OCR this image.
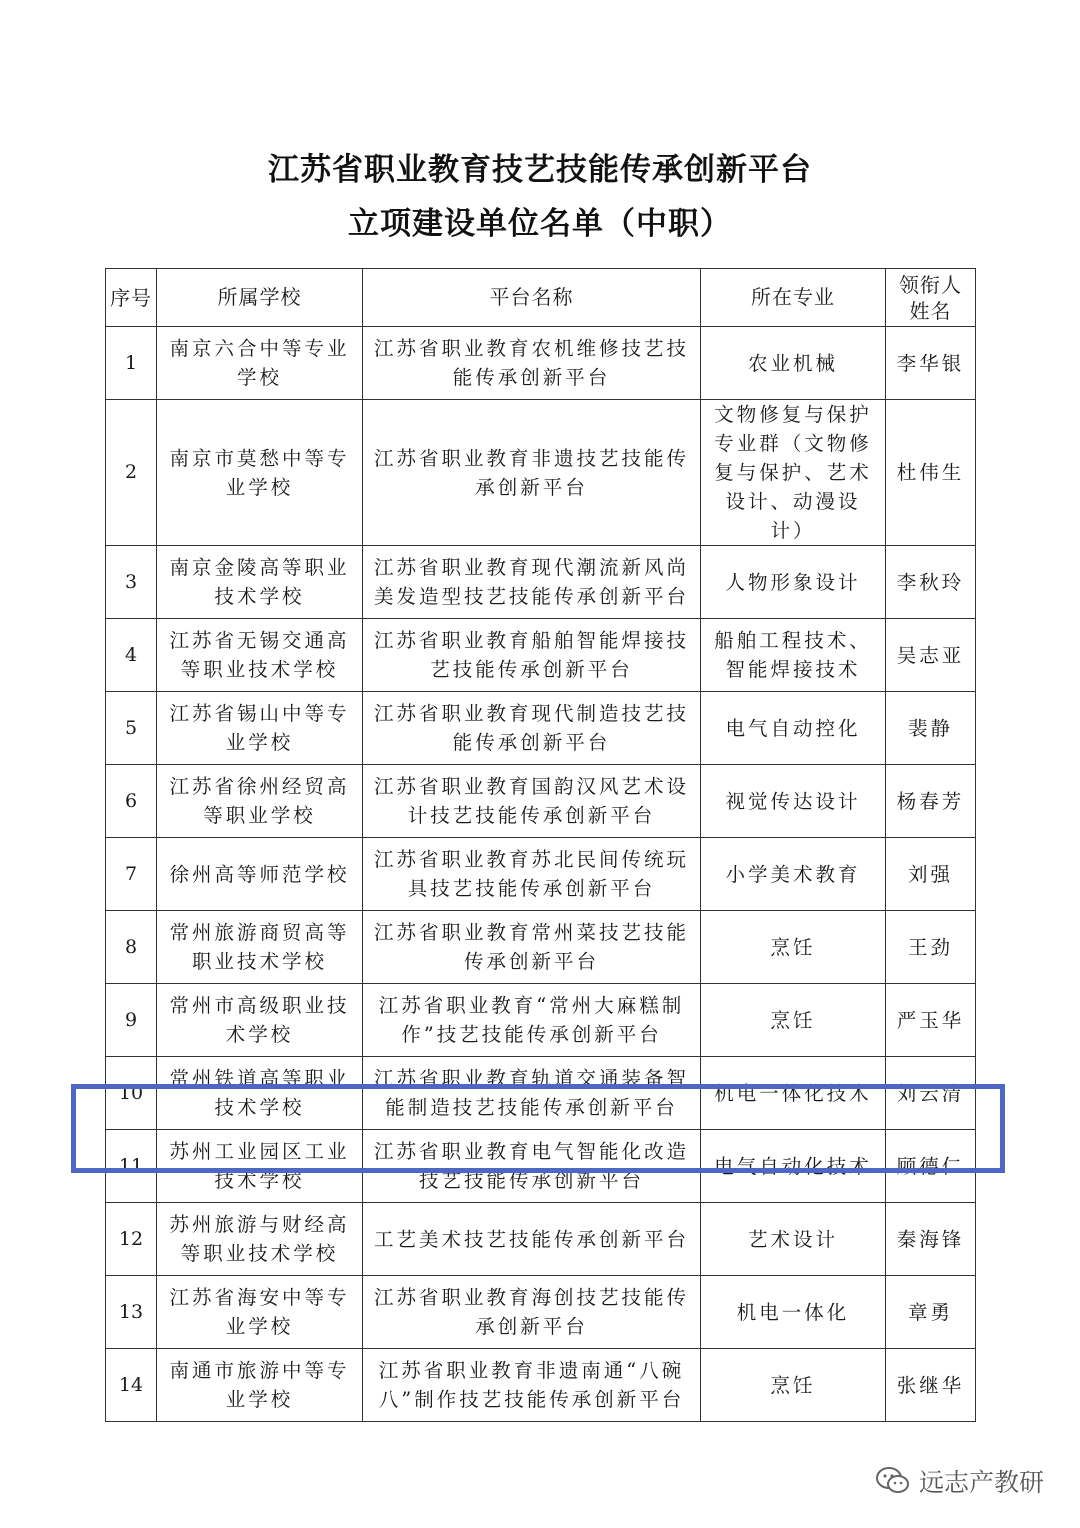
江苏省职业教育技艺技能传承创新平台
立项建设单位名单（中职）
序号	所属学校	平台名称	所在专业	领衔人姓名
1	南京六合中等专业学校	江苏省职业教育农机维修技艺技能传承创新平台	农业机械	李华银
2	南京市莫愁中等专业学校	江苏省职业教育非遗技艺技能传承创新平台	文物修复与保护专业群（文物修复与保护、艺术设计、动漫设计）	杜伟生
3	南京金陵高等职业技术学校	江苏省职业教育现代潮流新风尚美发造型技艺技能传承创新平台	人物形象设计	李秋玲
4	江苏省无锡交通高等职业技术学校	江苏省职业教育船舶智能焊接技艺技能传承创新平台	船舶工程技术、智能焊接技术	吴志亚
5	江苏省锡山中等专业学校	江苏省职业教育现代制造技艺技能传承创新平台	电气自动控化	裴静
6	江苏省徐州经贸高等职业学校	江苏省职业教育国韵汉风艺术设计技艺技能传承创新平台	视觉传达设计	杨春芳
7	徐州高等师范学校	江苏省职业教育苏北民间传统玩具技艺技能传承创新平台	小学美术教育	刘强
8	常州旅游商贸高等职业技术学校	江苏省职业教育常州菜技艺技能传承创新平台	烹饪	王劲
9	常州市高级职业技术学校	江苏省职业教育“常州大麻糕制作”技艺技能传承创新平台	烹饪	严玉华
10	常州铁道高等职业技术学校	江苏省职业教育轨道交通装备智能制造技艺技能传承创新平台	机电一体化技术	刘云清
11	苏州工业园区工业技术学校	江苏省职业教育电气智能化改造技艺技能传承创新平台	电气自动化技术	顾德仁
12	苏州旅游与财经高等职业技术学校	工艺美术技艺技能传承创新平台	艺术设计	秦海锋
13	江苏省海安中等专业学校	江苏省职业教育海创技艺技能传承创新平台	机电一体化	章勇
14	南通市旅游中等专业学校	江苏省职业教育非遗南通“八碗八”制作技艺技能传承创新平台	烹饪	张继华
远志产教研
